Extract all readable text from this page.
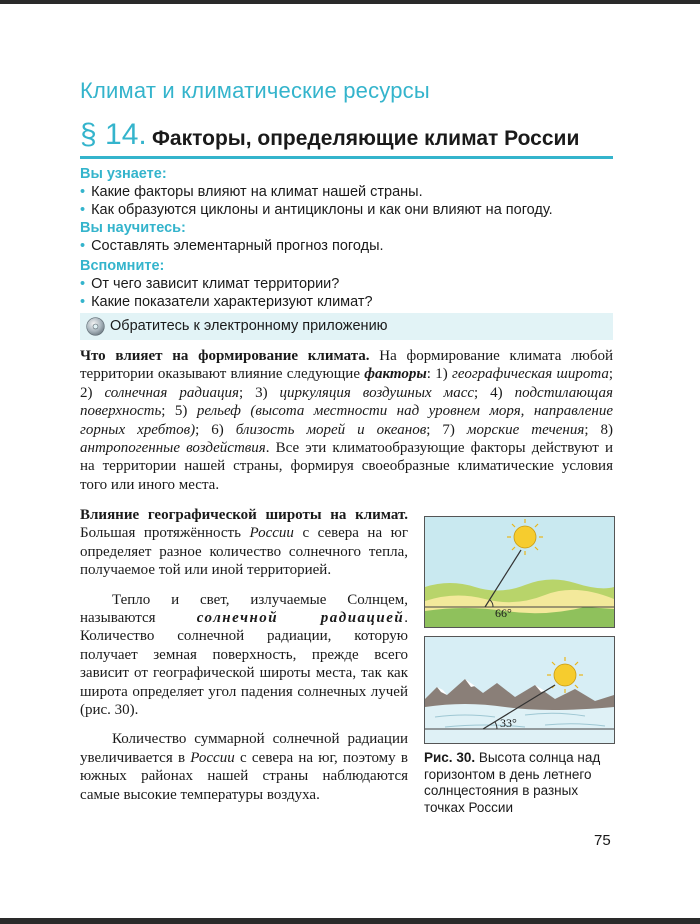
Климат и климатические ресурсы
§ 14. Факторы, определяющие климат России
Вы узнаете:
• Какие факторы влияют на климат нашей страны.
• Как образуются циклоны и антициклоны и как они влияют на погоду.
Вы научитесь:
• Составлять элементарный прогноз погоды.
Вспомните:
• От чего зависит климат территории?
• Какие показатели характеризуют климат?
Обратитесь к электронному приложению
Что влияет на формирование климата. На формирование климата любой территории оказывают влияние следующие факторы: 1) географическая широта; 2) солнечная радиация; 3) циркуляция воздушных масс; 4) подстилающая поверхность; 5) рельеф (высота местности над уровнем моря, направление горных хребтов); 6) близость морей и океанов; 7) морские течения; 8) антропогенные воздействия. Все эти климатообразующие факторы действуют и на территории нашей страны, формируя своеобразные климатические условия того или иного места.

Влияние географической широты на климат. Большая протяжённость России с севера на юг определяет разное количество солнечного тепла, получаемое той или иной территорией.

Тепло и свет, излучаемые Солнцем, называются солнечной радиацией. Количество солнечной радиации, которую получает земная поверхность, прежде всего зависит от географической широты места, так как широта определяет угол падения солнечных лучей (рис. 30).

Количество суммарной солнечной радиации увеличивается в России с севера на юг, поэтому в южных районах нашей страны наблюдаются самые высокие температуры воздуха.

66°
33°
Рис. 30. Высота солнца над горизонтом в день летнего солнцестояния в разных точках России
75
